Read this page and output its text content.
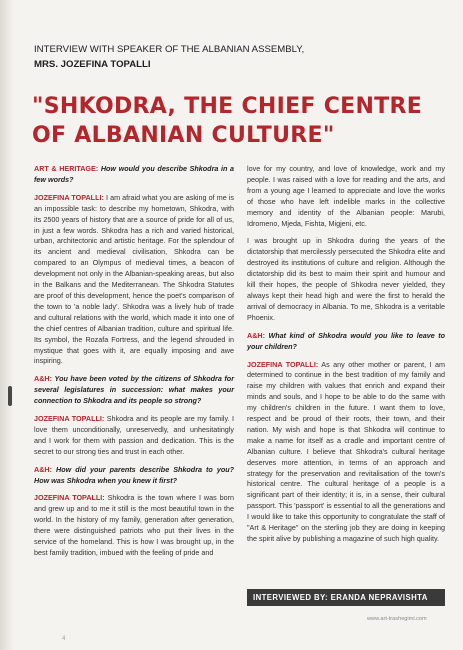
INTERVIEW WITH SPEAKER OF THE ALBANIAN ASSEMBLY,
MRS. JOZEFINA TOPALLI
"SHKODRA, THE CHIEF CENTRE OF ALBANIAN CULTURE"

ART & HERITAGE: How would you describe Shkodra in a few words?

JOZEFINA TOPALLI: I am afraid what you are asking of me is an impossible task: to describe my hometown, Shkodra, with its 2500 years of history that are a source of pride for all of us, in just a few words. Shkodra has a rich and varied historical, urban, architectonic and artistic heritage. For the splendour of its ancient and medieval civilisation, Shkodra can be compared to an Olympus of medieval times, a beacon of development not only in the Albanian-speaking areas, but also in the Balkans and the Mediterranean. The Shkodra Statutes are proof of this development, hence the poet's comparison of the town to 'a noble lady'. Shkodra was a lively hub of trade and cultural relations with the world, which made it into one of the chief centres of Albanian tradition, culture and spiritual life. Its symbol, the Rozafa Fortress, and the legend shrouded in mystique that goes with it, are equally imposing and awe inspiring.

A&H: You have been voted by the citizens of Shkodra for several legislatures in succession: what makes your connection to Shkodra and its people so strong?

JOZEFINA TOPALLI: Shkodra and its people are my family. I love them unconditionally, unreservedly, and unhesitatingly and I work for them with passion and dedication. This is the secret to our strong ties and trust in each other.

A&H: How did your parents describe Shkodra to you? How was Shkodra when you knew it first?

JOZEFINA TOPALLI: Shkodra is the town where I was born and grew up and to me it still is the most beautiful town in the world. In the history of my family, generation after generation, there were distinguished patriots who put their lives in the service of the homeland. This is how I was brought up, in the best family tradition, imbued with the feeling of pride and

love for my country, and love of knowledge, work and my people. I was raised with a love for reading and the arts, and from a young age I learned to appreciate and love the works of those who have left indelible marks in the collective memory and identity of the Albanian people: Marubi, Idromeno, Mjeda, Fishta, Migjeni, etc.

I was brought up in Shkodra during the years of the dictatorship that mercilessly persecuted the Shkodra elite and destroyed its institutions of culture and religion. Although the dictatorship did its best to maim their spirit and humour and kill their hopes, the people of Shkodra never yielded, they always kept their head high and were the first to herald the arrival of democracy in Albania. To me, Shkodra is a veritable Phoenix.

A&H: What kind of Shkodra would you like to leave to your children?

JOZEFINA TOPALLI: As any other mother or parent, I am determined to continue in the best tradition of my family and raise my children with values that enrich and expand their minds and souls, and I hope to be able to do the same with my children's children in the future. I want them to love, respect and be proud of their roots, their town, and their nation. My wish and hope is that Shkodra will continue to make a name for itself as a cradle and important centre of Albanian culture. I believe that Shkodra's cultural heritage deserves more attention, in terms of an approach and strategy for the preservation and revitalisation of the town's historical centre. The cultural heritage of a people is a significant part of their identity; it is, in a sense, their cultural passport. This 'passport' is essential to all the generations and I would like to take this opportunity to congratulate the staff of "Art & Heritage" on the sterling job they are doing in keeping the spirit alive by publishing a magazine of such high quality.

INTERVIEWED BY: ERANDA NEPRAVISHTA
www.art-trashegimi.com
4
